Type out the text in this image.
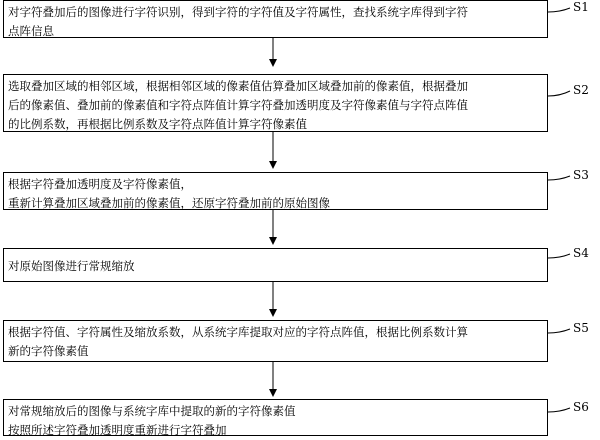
对字符叠加后的图像进行字符识别，得到字符的字符值及字符属性，查找系统字库得到字符
点阵信息
S1
选取叠加区域的相邻区域，根据相邻区域的像素值估算叠加区域叠加前的像素值，根据叠加
后的像素值、叠加前的像素值和字符点阵值计算字符叠加透明度及字符像素值与字符点阵值
的比例系数，再根据比例系数及字符点阵值计算字符像素值
S2
根据字符叠加透明度及字符像素值，
重新计算叠加区域叠加前的像素值，还原字符叠加前的原始图像
S3
对原始图像进行常规缩放
S4
根据字符值、字符属性及缩放系数，从系统字库提取对应的字符点阵值，根据比例系数计算
新的字符像素值
S5
对常规缩放后的图像与系统字库中提取的新的字符像素值
按照所述字符叠加透明度重新进行字符叠加
S6
